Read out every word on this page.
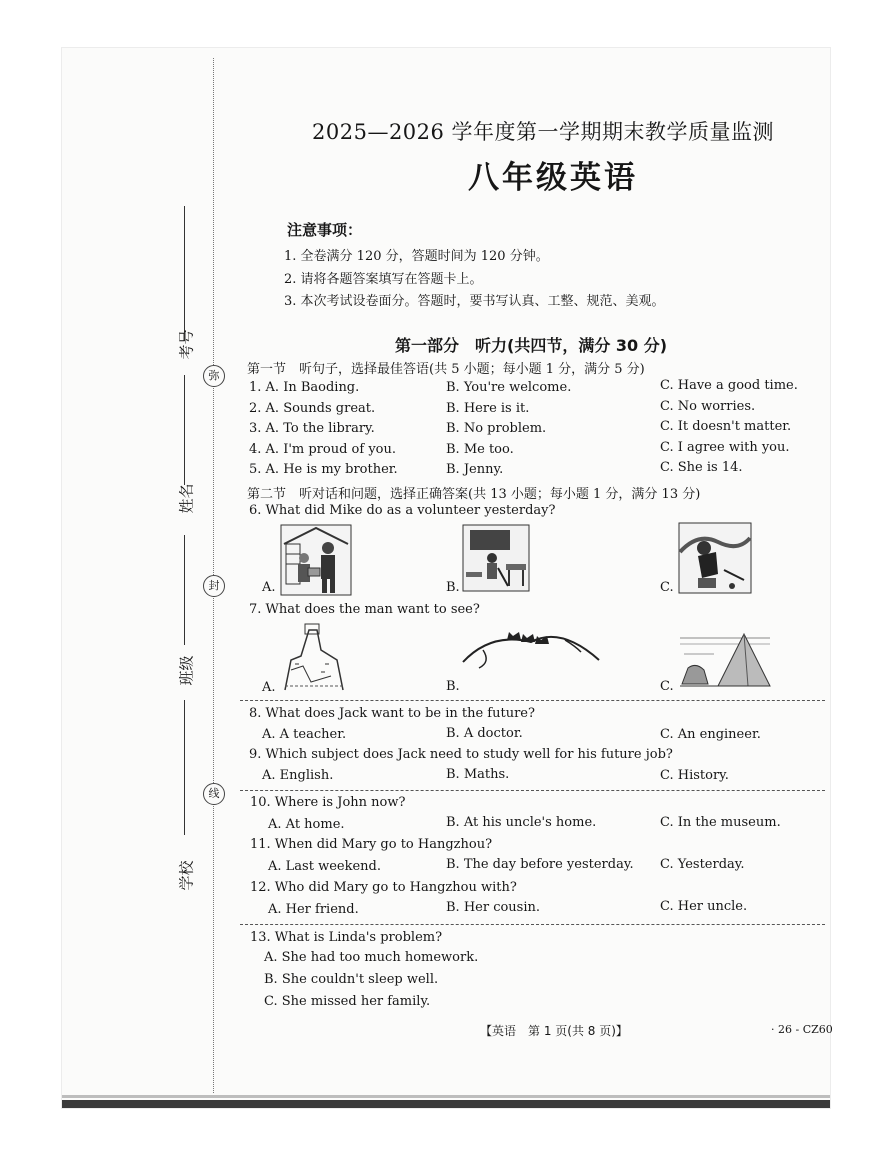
弥
封
线
考号
姓名
班级
学校
2025—2026 学年度第一学期期末教学质量监测
八年级英语
注意事项：
1. 全卷满分 120 分，答题时间为 120 分钟。
2. 请将各题答案填写在答题卡上。
3. 本次考试设卷面分。答题时，要书写认真、工整、规范、美观。
第一部分　听力(共四节，满分 30 分)
第一节　听句子，选择最佳答语(共 5 小题；每小题 1 分，满分 5 分)
1. A. In Baoding.	B. You're welcome.	C. Have a good time.
2. A. Sounds great.	B. Here is it.	C. No worries.
3. A. To the library.	B. No problem.	C. It doesn't matter.
4. A. I'm proud of you.	B. Me too.	C. I agree with you.
5. A. He is my brother.	B. Jenny.	C. She is 14.
第二节　听对话和问题，选择正确答案(共 13 小题；每小题 1 分，满分 13 分)
6. What did Mike do as a volunteer yesterday?
A.	B.	C.
7. What does the man want to see?
A.	B.	C.
8. What does Jack want to be in the future?
A. A teacher.	B. A doctor.	C. An engineer.
9. Which subject does Jack need to study well for his future job?
A. English.	B. Maths.	C. History.
10. Where is John now?
A. At home.	B. At his uncle's home.	C. In the museum.
11. When did Mary go to Hangzhou?
A. Last weekend.	B. The day before yesterday. C. Yesterday.
12. Who did Mary go to Hangzhou with?
A. Her friend.	B. Her cousin.	C. Her uncle.
13. What is Linda's problem?
A. She had too much homework.
B. She couldn't sleep well.
C. She missed her family.
【英语　第 1 页(共 8 页)】	· 26 - CZ60
